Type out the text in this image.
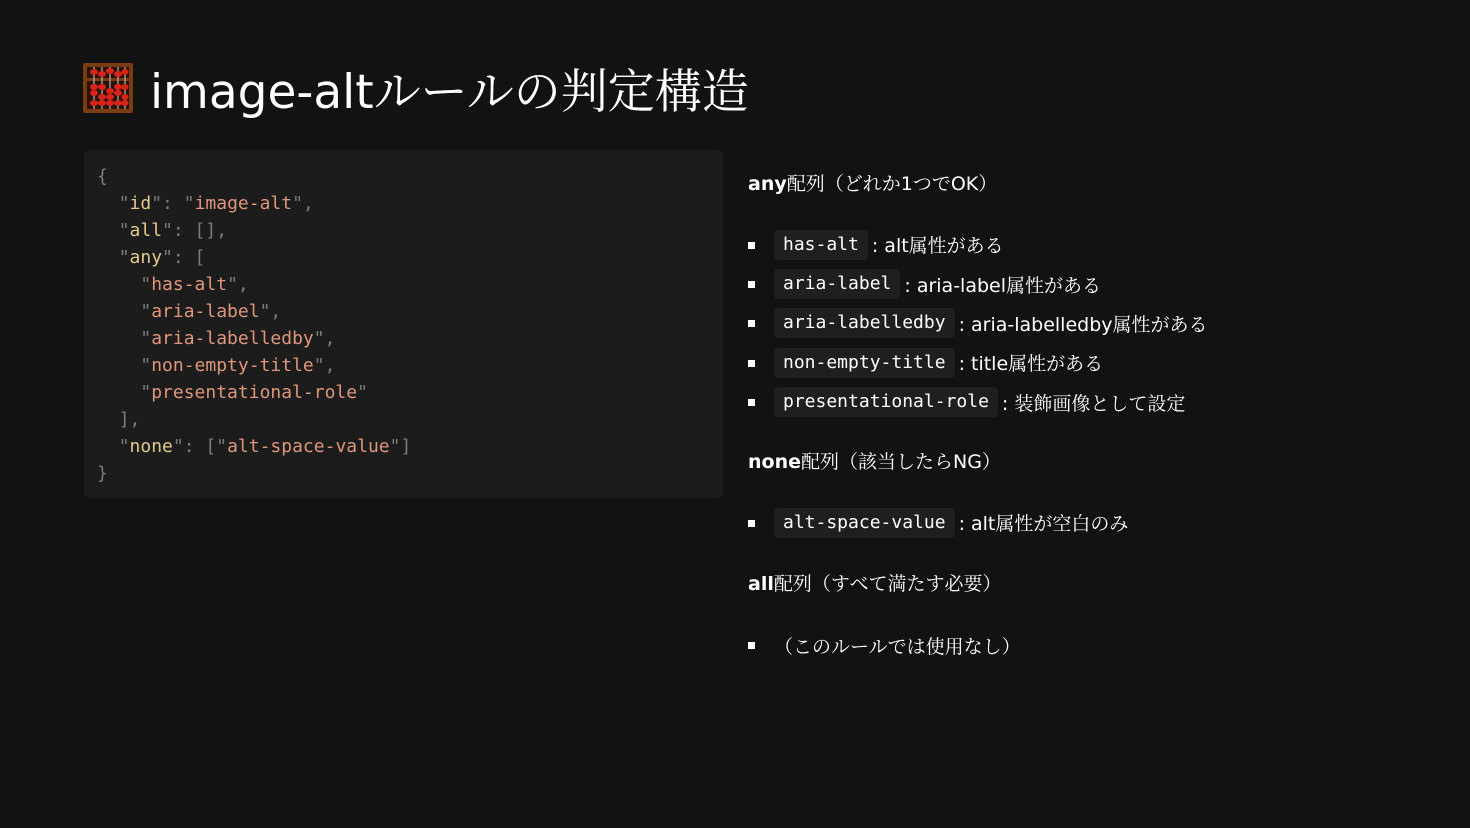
image-altルールの判定構造
{
"id": "image-alt",
"all": [],
"any": [
"has-alt",
"aria-label",
"aria-labelledby",
"non-empty-title",
"presentational-role"
],
"none": ["alt-space-value"]
}
any配列（どれか1つでOK）
has-alt : alt属性がある
aria-label : aria-label属性がある
aria-labelledby : aria-labelledby属性がある
non-empty-title : title属性がある
presentational-role : 装飾画像として設定
none配列（該当したらNG）
alt-space-value : alt属性が空白のみ
all配列（すべて満たす必要）
（このルールでは使用なし）
